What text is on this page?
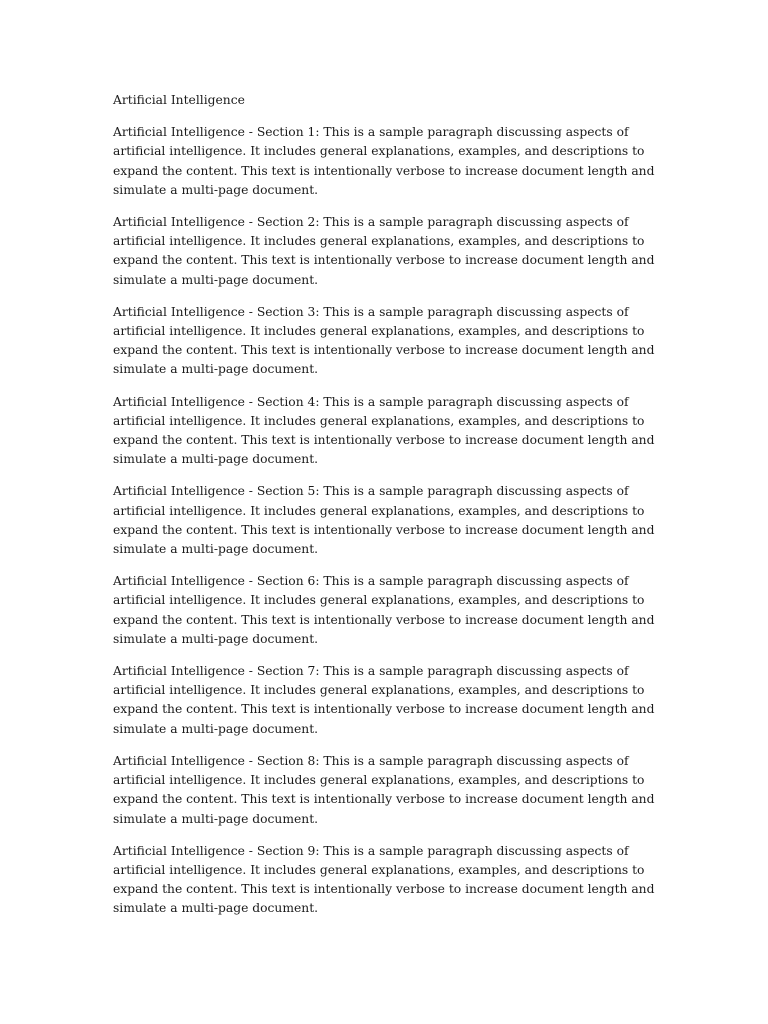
Artificial Intelligence

Artificial Intelligence - Section 1: This is a sample paragraph discussing aspects of artificial intelligence. It includes general explanations, examples, and descriptions to expand the content. This text is intentionally verbose to increase document length and simulate a multi-page document.

Artificial Intelligence - Section 2: This is a sample paragraph discussing aspects of artificial intelligence. It includes general explanations, examples, and descriptions to expand the content. This text is intentionally verbose to increase document length and simulate a multi-page document.

Artificial Intelligence - Section 3: This is a sample paragraph discussing aspects of artificial intelligence. It includes general explanations, examples, and descriptions to expand the content. This text is intentionally verbose to increase document length and simulate a multi-page document.

Artificial Intelligence - Section 4: This is a sample paragraph discussing aspects of artificial intelligence. It includes general explanations, examples, and descriptions to expand the content. This text is intentionally verbose to increase document length and simulate a multi-page document.

Artificial Intelligence - Section 5: This is a sample paragraph discussing aspects of artificial intelligence. It includes general explanations, examples, and descriptions to expand the content. This text is intentionally verbose to increase document length and simulate a multi-page document.

Artificial Intelligence - Section 6: This is a sample paragraph discussing aspects of artificial intelligence. It includes general explanations, examples, and descriptions to expand the content. This text is intentionally verbose to increase document length and simulate a multi-page document.

Artificial Intelligence - Section 7: This is a sample paragraph discussing aspects of artificial intelligence. It includes general explanations, examples, and descriptions to expand the content. This text is intentionally verbose to increase document length and simulate a multi-page document.

Artificial Intelligence - Section 8: This is a sample paragraph discussing aspects of artificial intelligence. It includes general explanations, examples, and descriptions to expand the content. This text is intentionally verbose to increase document length and simulate a multi-page document.

Artificial Intelligence - Section 9: This is a sample paragraph discussing aspects of artificial intelligence. It includes general explanations, examples, and descriptions to expand the content. This text is intentionally verbose to increase document length and simulate a multi-page document.
